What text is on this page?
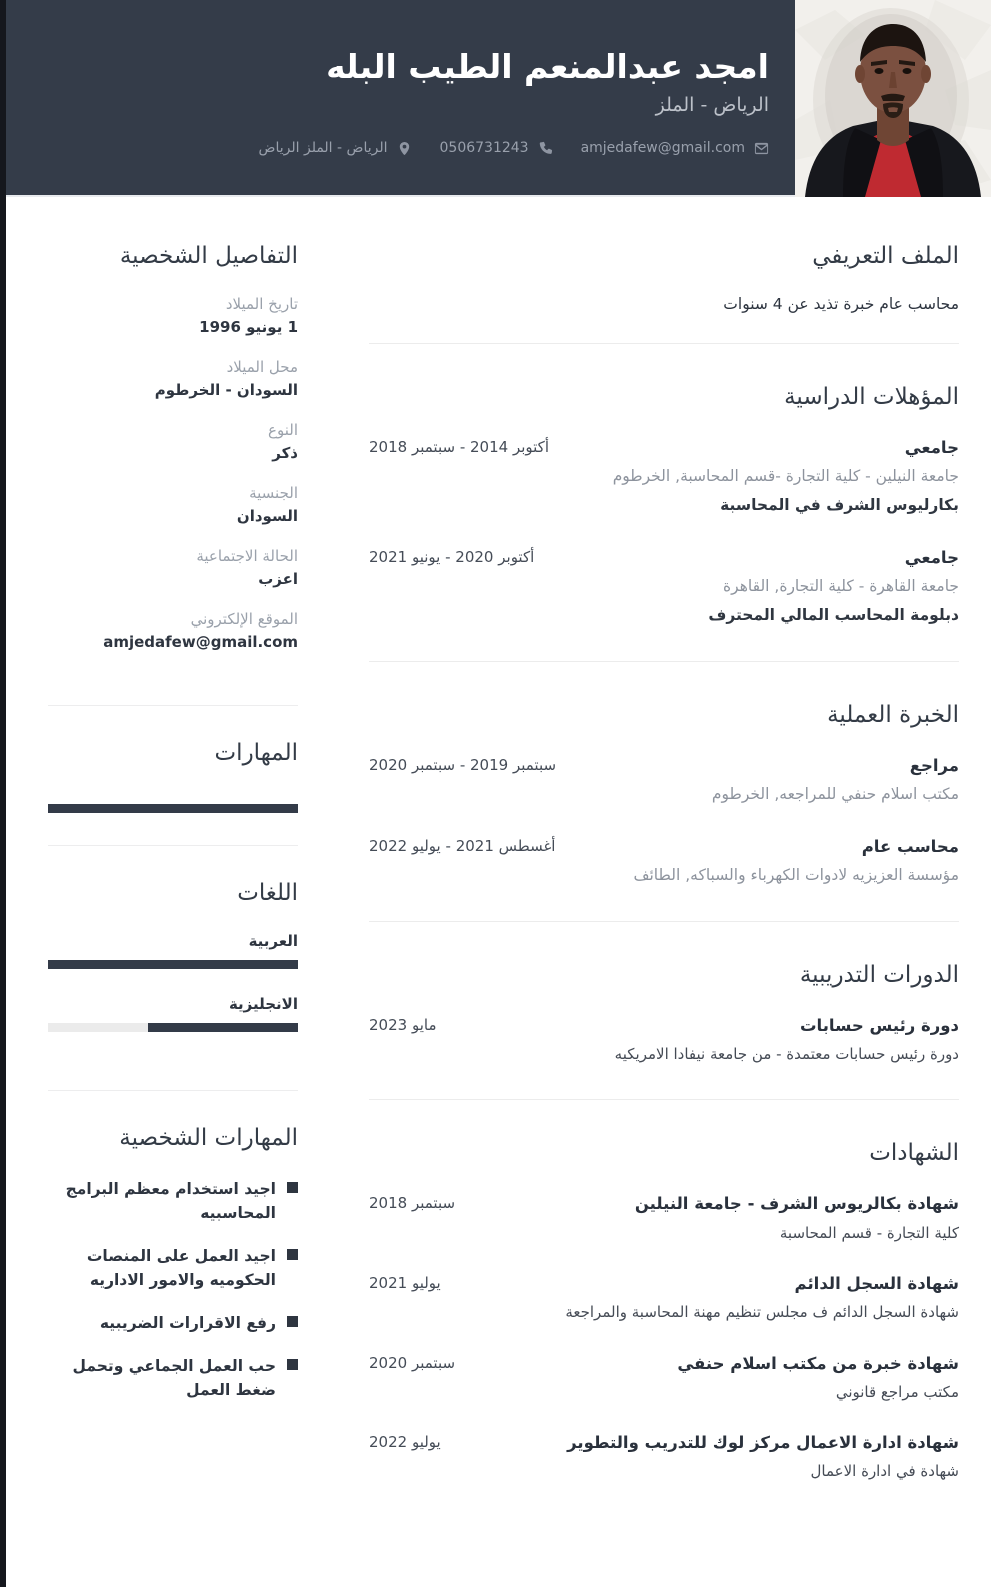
امجد عبدالمنعم الطيب البله
الرياض - الملز
amjedafew@gmail.com
0506731243
الرياض - الملز الرياض
الملف التعريفي

محاسب عام خبرة تذيد عن 4 سنوات

المؤهلات الدراسية
جامعي
جامعة النيلين - كلية التجارة -قسم المحاسبة, الخرطوم
بكارليوس الشرف في المحاسبة
أكتوبر 2014 - سبتمبر 2018
جامعي
جامعة القاهرة - كلية التجارة, القاهرة
دبلومة المحاسب المالي المحترف
أكتوبر 2020 - يونيو 2021
الخبرة العملية
مراجع
مكتب اسلام حنفي للمراجعه, الخرطوم
سبتمبر 2019 - سبتمبر 2020
محاسب عام
مؤسسة العزيزيه لادوات الكهرباء والسباكه, الطائف
أغسطس 2021 - يوليو 2022
الدورات التدريبية
دورة رئيس حسابات
دورة رئيس حسابات معتمدة - من جامعة نيفادا الامريكيه
مايو 2023
الشهادات
شهادة بكالريوس الشرف - جامعة النيلين
كلية التجارة - قسم المحاسبة
سبتمبر 2018
شهادة السجل الدائم
شهادة السجل الدائم ف مجلس تنظيم مهنة المحاسبة والمراجعة
يوليو 2021
شهادة خبرة من مكتب اسلام حنفي
مكتب مراجع قانوني
سبتمبر 2020
شهادة ادارة الاعمال مركز لوك للتدريب والتطوير
شهادة في ادارة الاعمال
يوليو 2022
التفاصيل الشخصية
تاريخ الميلاد
1 يونيو 1996
محل الميلاد
السودان - الخرطوم
النوع
ذكر
الجنسية
السودان
الحالة الاجتماعية
اعزب
الموقع الإلكتروني
amjedafew@gmail.com
المهارات
اللغات
العربية
الانجليزية
المهارات الشخصية
اجيد استخدام معظم البرامج المحاسبيه
اجيد العمل على المنصات الحكوميه والامور الاداريه
رفع الاقرارات الضريبيه
حب العمل الجماعي وتحمل ضغط العمل
